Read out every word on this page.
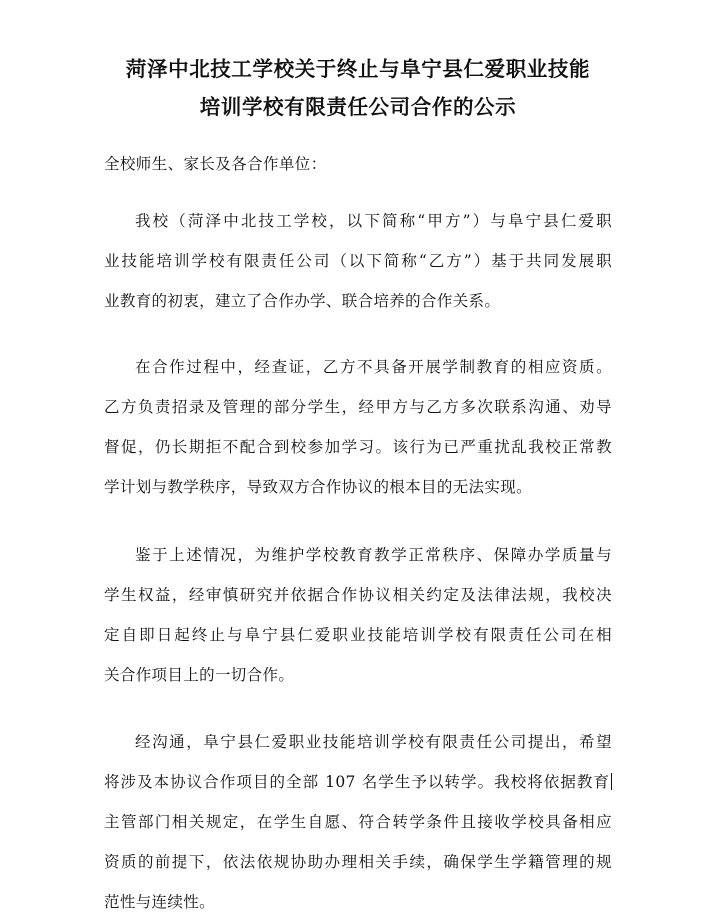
菏泽中北技工学校关于终止与阜宁县仁爱职业技能
培训学校有限责任公司合作的公示

全校师生、家长及各合作单位：

我校（菏泽中北技工学校，以下简称“甲方”）与阜宁县仁爱职
业技能培训学校有限责任公司（以下简称“乙方”）基于共同发展职
业教育的初衷，建立了合作办学、联合培养的合作关系。
在合作过程中，经查证，乙方不具备开展学制教育的相应资质。
乙方负责招录及管理的部分学生，经甲方与乙方多次联系沟通、劝导
督促，仍长期拒不配合到校参加学习。该行为已严重扰乱我校正常教
学计划与教学秩序，导致双方合作协议的根本目的无法实现。
鉴于上述情况，为维护学校教育教学正常秩序、保障办学质量与
学生权益，经审慎研究并依据合作协议相关约定及法律法规，我校决
定自即日起终止与阜宁县仁爱职业技能培训学校有限责任公司在相
关合作项目上的一切合作。
经沟通，阜宁县仁爱职业技能培训学校有限责任公司提出，希望
将涉及本协议合作项目的全部 107 名学生予以转学。我校将依据教育
主管部门相关规定，在学生自愿、符合转学条件且接收学校具备相应
资质的前提下，依法依规协助办理相关手续，确保学生学籍管理的规
范性与连续性。
